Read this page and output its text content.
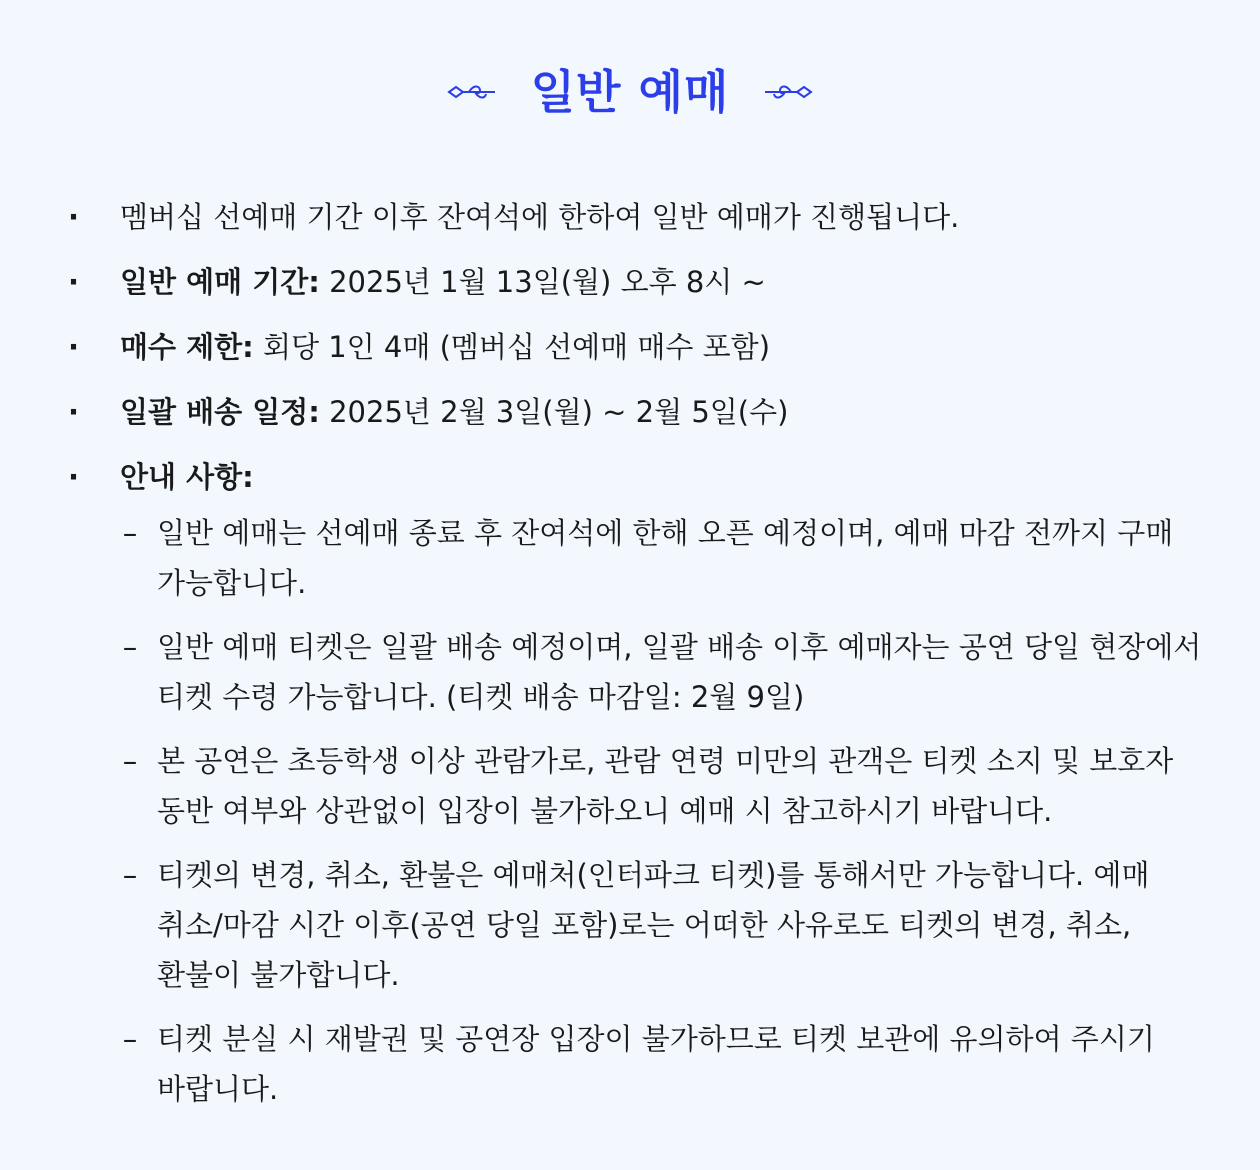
일반 예매
· 멤버십 선예매 기간 이후 잔여석에 한하여 일반 예매가 진행됩니다.
· 일반 예매 기간: 2025년 1월 13일(월) 오후 8시 ~
· 매수 제한: 회당 1인 4매 (멤버십 선예매 매수 포함)
· 일괄 배송 일정: 2025년 2월 3일(월) ~ 2월 5일(수)
· 안내 사항:
– 일반 예매는 선예매 종료 후 잔여석에 한해 오픈 예정이며, 예매 마감 전까지 구매
가능합니다.
– 일반 예매 티켓은 일괄 배송 예정이며, 일괄 배송 이후 예매자는 공연 당일 현장에서
티켓 수령 가능합니다. (티켓 배송 마감일: 2월 9일)
– 본 공연은 초등학생 이상 관람가로, 관람 연령 미만의 관객은 티켓 소지 및 보호자
동반 여부와 상관없이 입장이 불가하오니 예매 시 참고하시기 바랍니다.
– 티켓의 변경, 취소, 환불은 예매처(인터파크 티켓)를 통해서만 가능합니다. 예매
취소/마감 시간 이후(공연 당일 포함)로는 어떠한 사유로도 티켓의 변경, 취소,
환불이 불가합니다.
– 티켓 분실 시 재발권 및 공연장 입장이 불가하므로 티켓 보관에 유의하여 주시기
바랍니다.
